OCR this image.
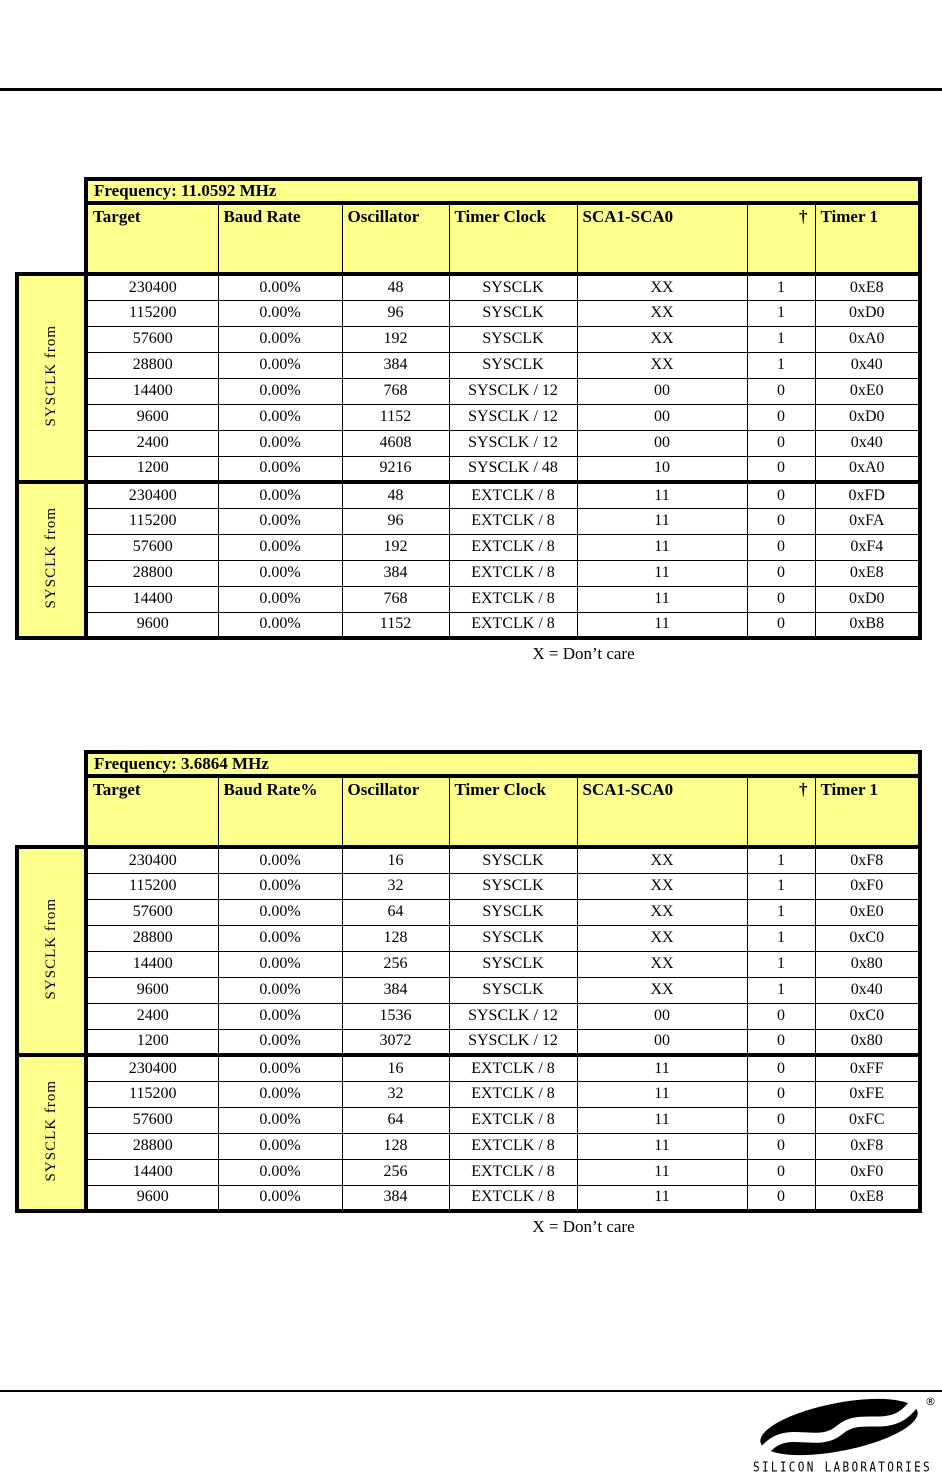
	Frequency: 11.0592 MHz						
	Target	Baud Rate	Oscillator	Timer Clock	SCA1-SCA0	†	Timer 1
SYSCLK from	230400	0.00%	48	SYSCLK	XX	1	0xE8
	115200	0.00%	96	SYSCLK	XX	1	0xD0
	57600	0.00%	192	SYSCLK	XX	1	0xA0
	28800	0.00%	384	SYSCLK	XX	1	0x40
	14400	0.00%	768	SYSCLK / 12	00	0	0xE0
	9600	0.00%	1152	SYSCLK / 12	00	0	0xD0
	2400	0.00%	4608	SYSCLK / 12	00	0	0x40
	1200	0.00%	9216	SYSCLK / 48	10	0	0xA0
SYSCLK from	230400	0.00%	48	EXTCLK / 8	11	0	0xFD
	115200	0.00%	96	EXTCLK / 8	11	0	0xFA
	57600	0.00%	192	EXTCLK / 8	11	0	0xF4
	28800	0.00%	384	EXTCLK / 8	11	0	0xE8
	14400	0.00%	768	EXTCLK / 8	11	0	0xD0
	9600	0.00%	1152	EXTCLK / 8	11	0	0xB8
X = Don’t care
	Frequency: 3.6864 MHz						
	Target	Baud Rate%	Oscillator	Timer Clock	SCA1-SCA0	†	Timer 1
SYSCLK from	230400	0.00%	16	SYSCLK	XX	1	0xF8
	115200	0.00%	32	SYSCLK	XX	1	0xF0
	57600	0.00%	64	SYSCLK	XX	1	0xE0
	28800	0.00%	128	SYSCLK	XX	1	0xC0
	14400	0.00%	256	SYSCLK	XX	1	0x80
	9600	0.00%	384	SYSCLK	XX	1	0x40
	2400	0.00%	1536	SYSCLK / 12	00	0	0xC0
	1200	0.00%	3072	SYSCLK / 12	00	0	0x80
SYSCLK from	230400	0.00%	16	EXTCLK / 8	11	0	0xFF
	115200	0.00%	32	EXTCLK / 8	11	0	0xFE
	57600	0.00%	64	EXTCLK / 8	11	0	0xFC
	28800	0.00%	128	EXTCLK / 8	11	0	0xF8
	14400	0.00%	256	EXTCLK / 8	11	0	0xF0
	9600	0.00%	384	EXTCLK / 8	11	0	0xE8
X = Don’t care
®
SILICON LABORATORIES
